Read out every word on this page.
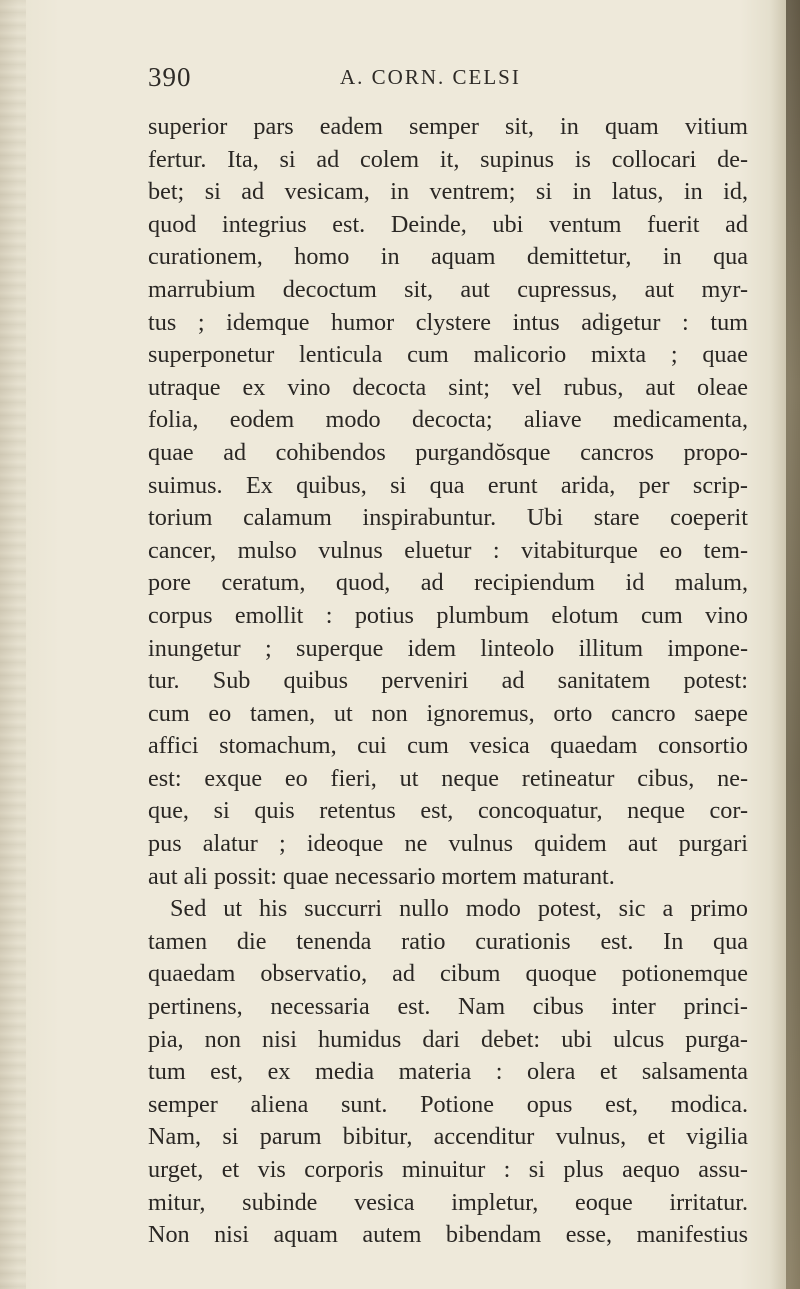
390	A. CORN. CELSI
superior pars eadem semper sit, in quam vitium
fertur. Ita, si ad colem it, supinus is collocari de-
bet; si ad vesicam, in ventrem; si in latus, in id,
quod integrius est. Deinde, ubi ventum fuerit ad
curationem, homo in aquam demittetur, in qua
marrubium decoctum sit, aut cupressus, aut myr-
tus ; idemque humor clystere intus adigetur : tum
superponetur lenticula cum malicorio mixta ; quae
utraque ex vino decocta sint; vel rubus, aut oleae
folia, eodem modo decocta; aliave medicamenta,
quae ad cohibendos purgandŏsque cancros propo-
suimus. Ex quibus, si qua erunt arida, per scrip-
torium calamum inspirabuntur. Ubi stare coeperit
cancer, mulso vulnus eluetur : vitabiturque eo tem-
pore ceratum, quod, ad recipiendum id malum,
corpus emollit : potius plumbum elotum cum vino
inungetur ; superque idem linteolo illitum impone-
tur. Sub quibus perveniri ad sanitatem potest:
cum eo tamen, ut non ignoremus, orto cancro saepe
affici stomachum, cui cum vesica quaedam consortio
est: exque eo fieri, ut neque retineatur cibus, ne-
que, si quis retentus est, concoquatur, neque cor-
pus alatur ; ideoque ne vulnus quidem aut purgari
aut ali possit: quae necessario mortem maturant.
Sed ut his succurri nullo modo potest, sic a primo
tamen die tenenda ratio curationis est. In qua
quaedam observatio, ad cibum quoque potionemque
pertinens, necessaria est. Nam cibus inter princi-
pia, non nisi humidus dari debet: ubi ulcus purga-
tum est, ex media materia : olera et salsamenta
semper aliena sunt. Potione opus est, modica.
Nam, si parum bibitur, accenditur vulnus, et vigilia
urget, et vis corporis minuitur : si plus aequo assu-
mitur, subinde vesica impletur, eoque irritatur.
Non nisi aquam autem bibendam esse, manifestius
